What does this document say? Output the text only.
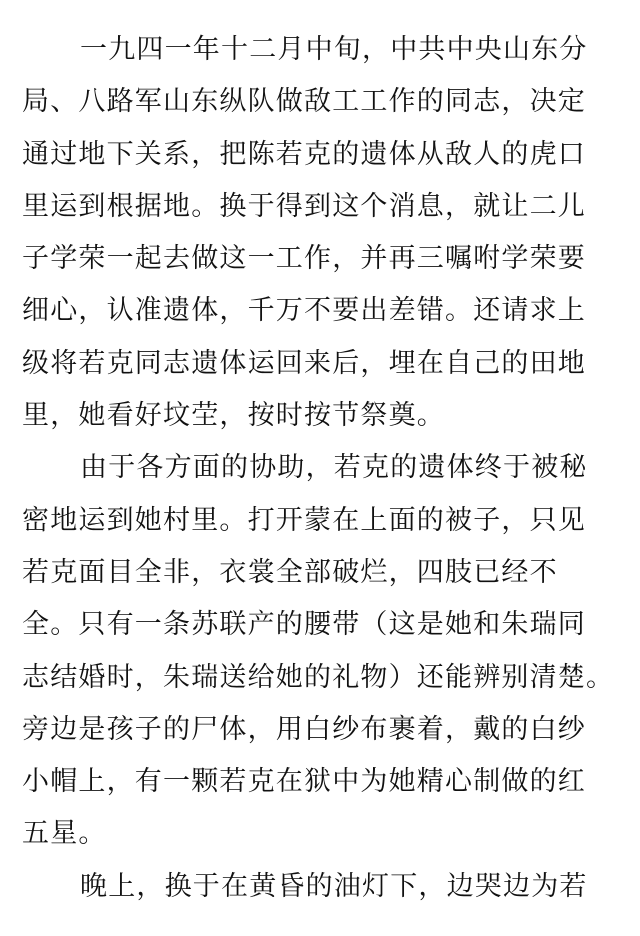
一九四一年十二月中旬，中共中央山东分
局、八路军山东纵队做敌工工作的同志，决定
通过地下关系，把陈若克的遗体从敌人的虎口
里运到根据地。换于得到这个消息，就让二儿
子学荣一起去做这一工作，并再三嘱咐学荣要
细心，认准遗体，千万不要出差错。还请求上
级将若克同志遗体运回来后，埋在自己的田地
里，她看好坟茔，按时按节祭奠。
由于各方面的协助，若克的遗体终于被秘
密地运到她村里。打开蒙在上面的被子，只见
若克面目全非，衣裳全部破烂，四肢已经不
全。只有一条苏联产的腰带（这是她和朱瑞同
志结婚时，朱瑞送给她的礼物）还能辨别清楚。
旁边是孩子的尸体，用白纱布裹着，戴的白纱
小帽上，有一颗若克在狱中为她精心制做的红
五星。
晚上，换于在黄昏的油灯下，边哭边为若
